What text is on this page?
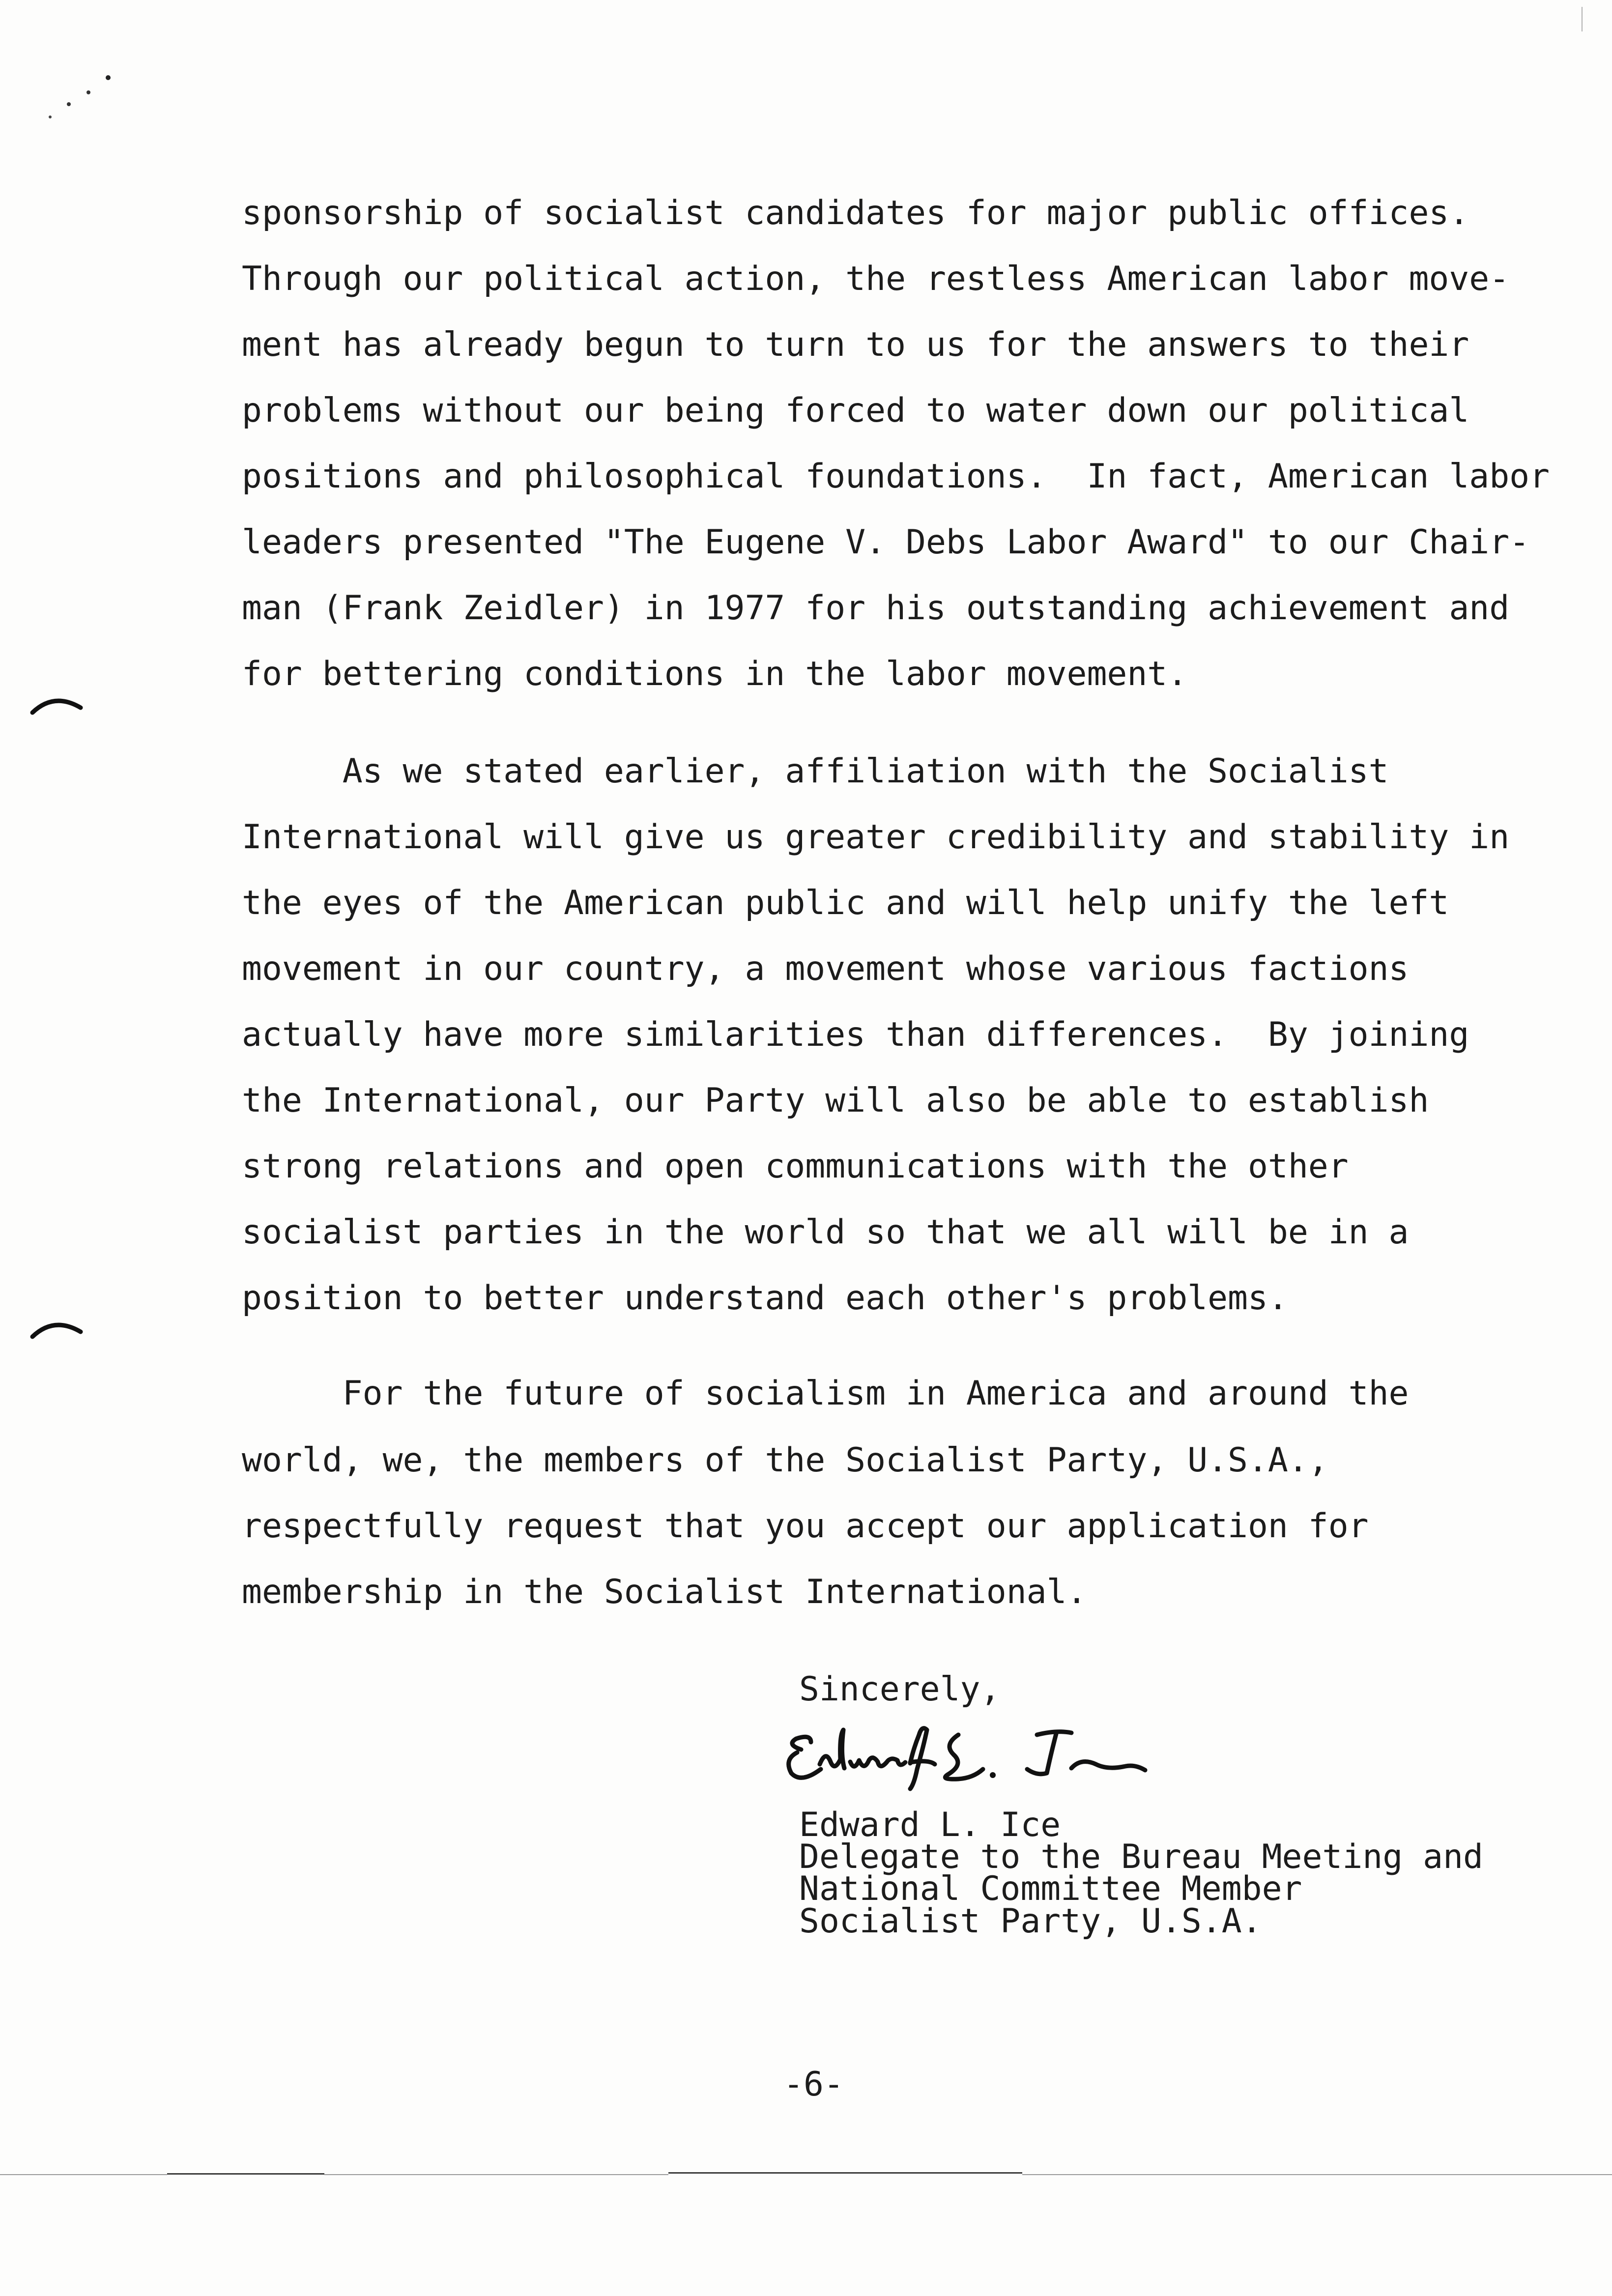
sponsorship of socialist candidates for major public offices.
Through our political action, the restless American labor move-
ment has already begun to turn to us for the answers to their
problems without our being forced to water down our political
positions and philosophical foundations.  In fact, American labor
leaders presented "The Eugene V. Debs Labor Award" to our Chair-
man (Frank Zeidler) in 1977 for his outstanding achievement and
for bettering conditions in the labor movement.
As we stated earlier, affiliation with the Socialist
International will give us greater credibility and stability in
the eyes of the American public and will help unify the left
movement in our country, a movement whose various factions
actually have more similarities than differences.  By joining
the International, our Party will also be able to establish
strong relations and open communications with the other
socialist parties in the world so that we all will be in a
position to better understand each other's problems.
For the future of socialism in America and around the
world, we, the members of the Socialist Party, U.S.A.,
respectfully request that you accept our application for
membership in the Socialist International.
Sincerely,
Edward L. Ice
Delegate to the Bureau Meeting and
National Committee Member
Socialist Party, U.S.A.
-6-
